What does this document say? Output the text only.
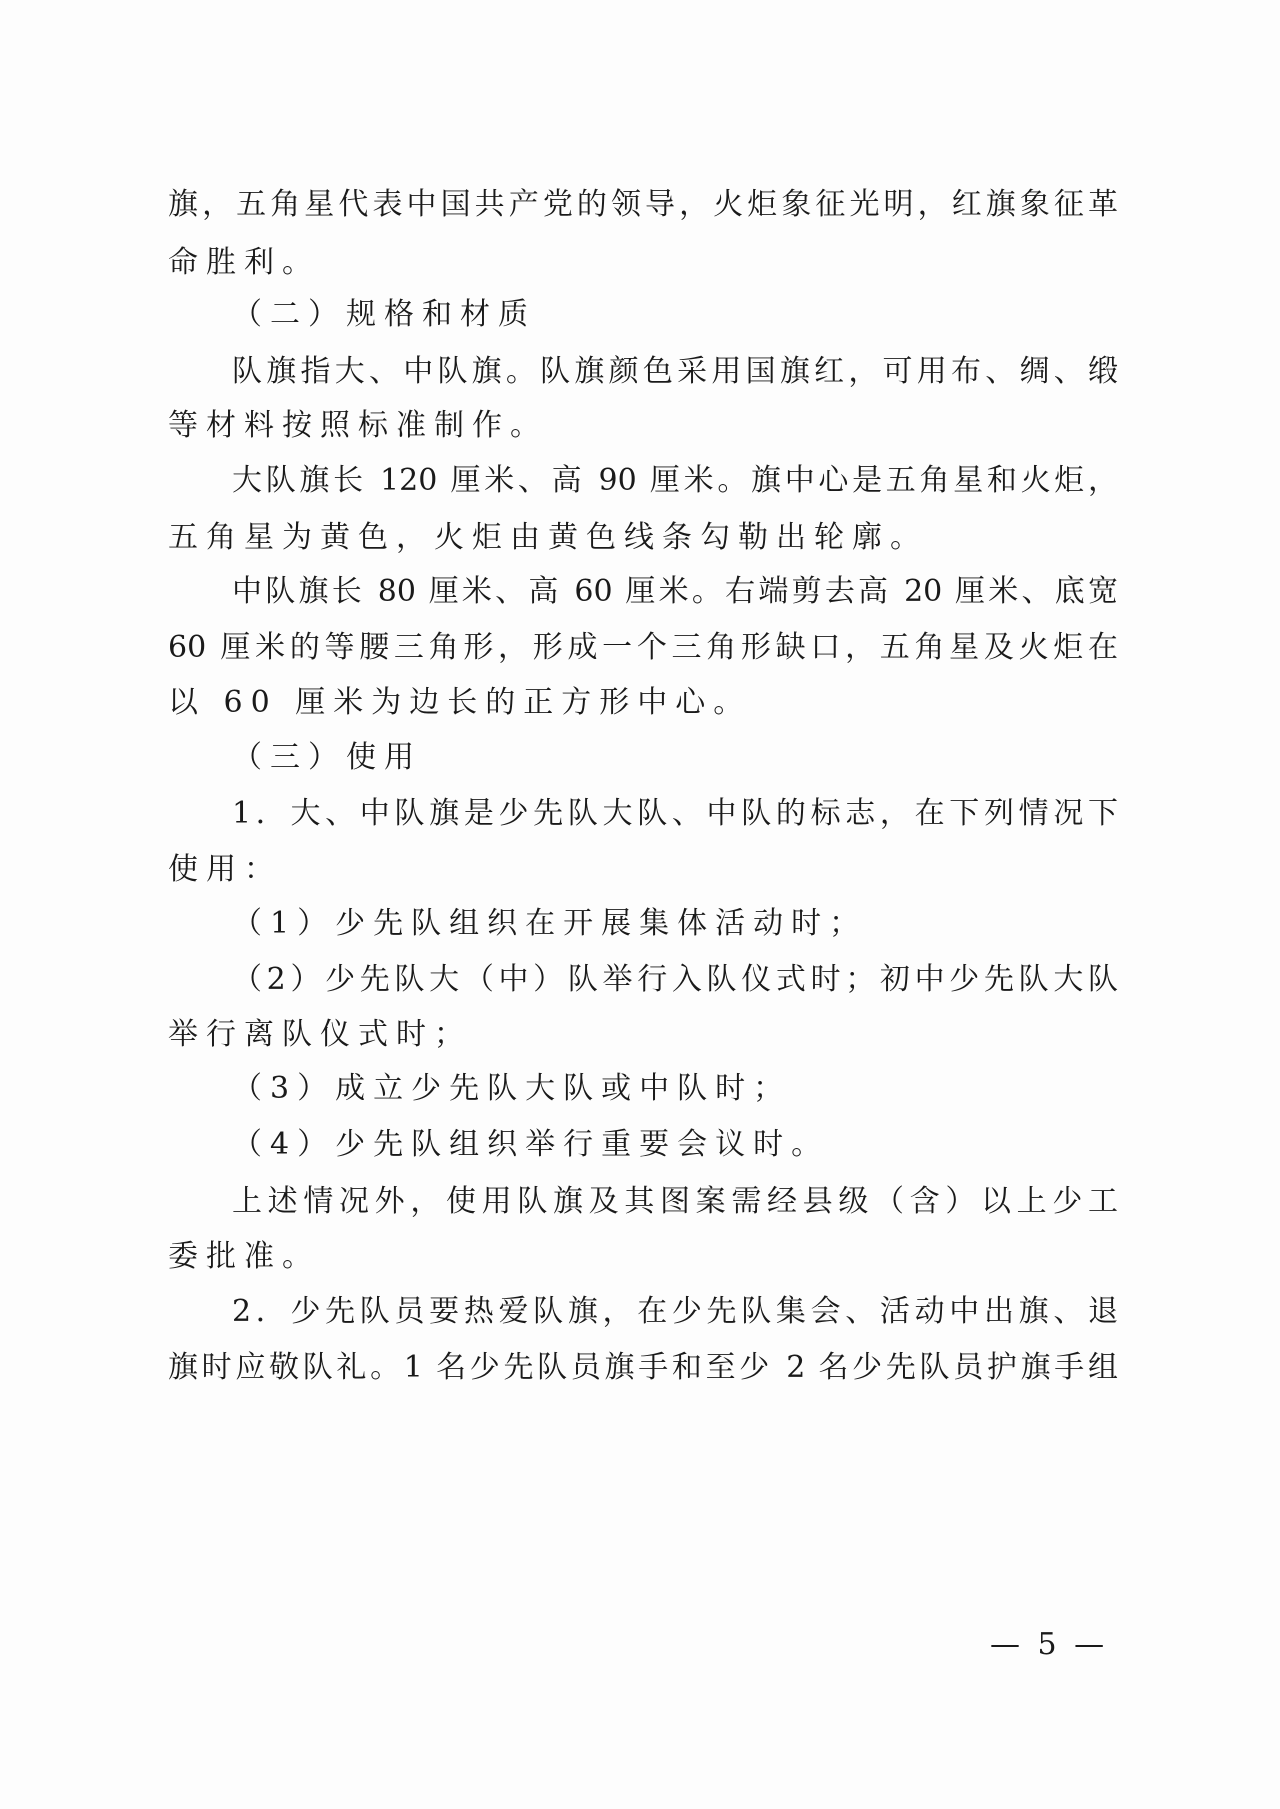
旗，五角星代表中国共产党的领导，火炬象征光明，红旗象征革
命胜利。
（二）规格和材质
队旗指大、中队旗。队旗颜色采用国旗红，可用布、绸、缎
等材料按照标准制作。
大队旗长 120 厘米、高 90 厘米。旗中心是五角星和火炬，
五角星为黄色，火炬由黄色线条勾勒出轮廓。
中队旗长 80 厘米、高 60 厘米。右端剪去高 20 厘米、底宽
60 厘米的等腰三角形，形成一个三角形缺口，五角星及火炬在
以 60 厘米为边长的正方形中心。
（三）使用
1．大、中队旗是少先队大队、中队的标志，在下列情况下
使用：
（1）少先队组织在开展集体活动时；
（2）少先队大（中）队举行入队仪式时；初中少先队大队
举行离队仪式时；
（3）成立少先队大队或中队时；
（4）少先队组织举行重要会议时。
上述情况外，使用队旗及其图案需经县级（含）以上少工
委批准。
2．少先队员要热爱队旗，在少先队集会、活动中出旗、退
旗时应敬队礼。1 名少先队员旗手和至少 2 名少先队员护旗手组
— 5 —
